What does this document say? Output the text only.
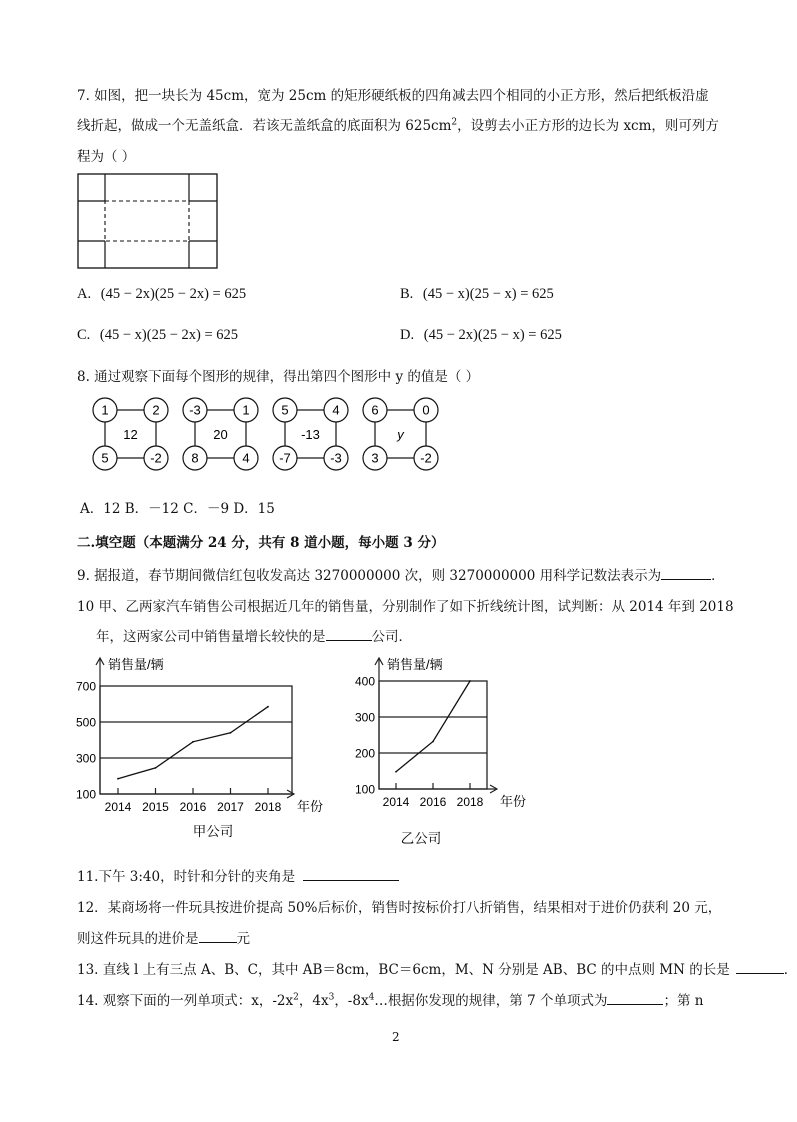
7. 如图，把一块长为 45cm，宽为 25cm 的矩形硬纸板的四角减去四个相同的小正方形，然后把纸板沿虚
线折起，做成一个无盖纸盒．若该无盖纸盒的底面积为 $625cm^2$，设剪去小正方形的边长为 xcm，则可列方
程为（ ）
A. (45 − 2x)(25 − 2x) = 625	B. (45 − x)(25 − x) = 625
C. (45 − x)(25 − 2x) = 625	D. (45 − 2x)(25 − x) = 625
8. 通过观察下面每个图形的规律，得出第四个图形中 y 的值是（ ）
1	2
5	-2
12
-3	1
8	4
20
5	4
-7	-3
-13
6	0
3	-2
y
A．12 B．－12 C．－9 D．15
二.填空题（本题满分 24 分，共有 8 道小题，每小题 3 分）
9. 据报道，春节期间微信红包收发高达 3270000000 次，则 3270000000 用科学记数法表示为	．
10 甲、乙两家汽车销售公司根据近几年的销售量，分别制作了如下折线统计图，试判断：从 2014 年到 2018
年，这两家公司中销售量增长较快的是	公司．
100
300
500
700
2014 2015 2016 2017 2018
销售量/辆
年份
甲公司
100
200
300
400
2014 2016 2018
销售量/辆
年份
乙公司
11.下午 3:40，时针和分针的夹角是
12．某商场将一件玩具按进价提高 50%后标价，销售时按标价打八折销售，结果相对于进价仍获利 20 元，
则这件玩具的进价是	元
13. 直线 l 上有三点 A、B、C，其中 AB＝8cm，BC＝6cm，M、N 分别是 AB、BC 的中点则 MN 的长是	．
14. 观察下面的一列单项式：x，$-2x^2$，$4x^3$，$-8x^4\dots$根据你发现的规律，第 7 个单项式为	；第 n
2
